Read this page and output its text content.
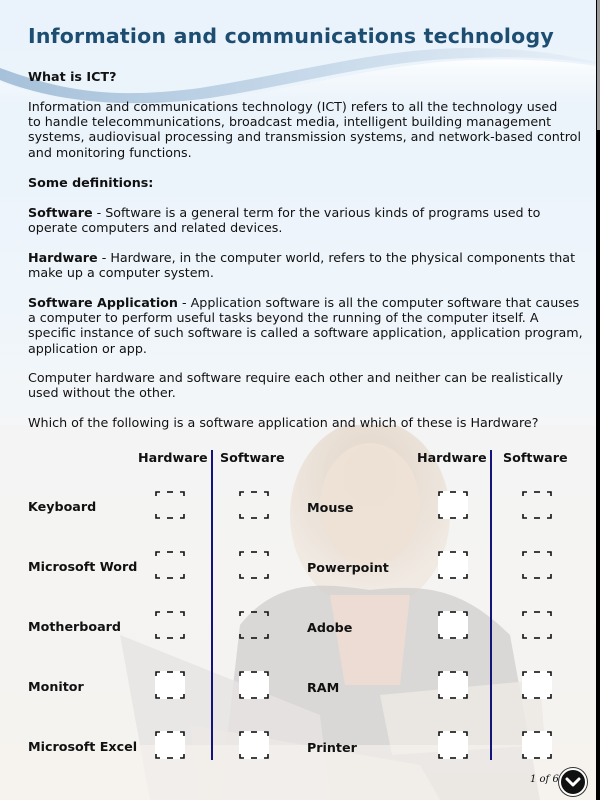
Information and communications technology
What is ICT?
Information and communications technology (ICT) refers to all the technology used
to handle telecommunications, broadcast media, intelligent building management
systems, audiovisual processing and transmission systems, and network-based control
and monitoring functions.
Some definitions:
Software - Software is a general term for the various kinds of programs used to
operate computers and related devices.
Hardware - Hardware, in the computer world, refers to the physical components that
make up a computer system.
Software Application - Application software is all the computer software that causes
a computer to perform useful tasks beyond the running of the computer itself. A
specific instance of such software is called a software application, application program,
application or app.
Computer hardware and software require each other and neither can be realistically
used without the other.
Which of the following is a software application and which of these is Hardware?
Hardware Software	Hardware Software
Keyboard
Microsoft Word
Motherboard
Monitor
Microsoft Excel
Mouse
Powerpoint
Adobe
RAM
Printer
1 of 6
